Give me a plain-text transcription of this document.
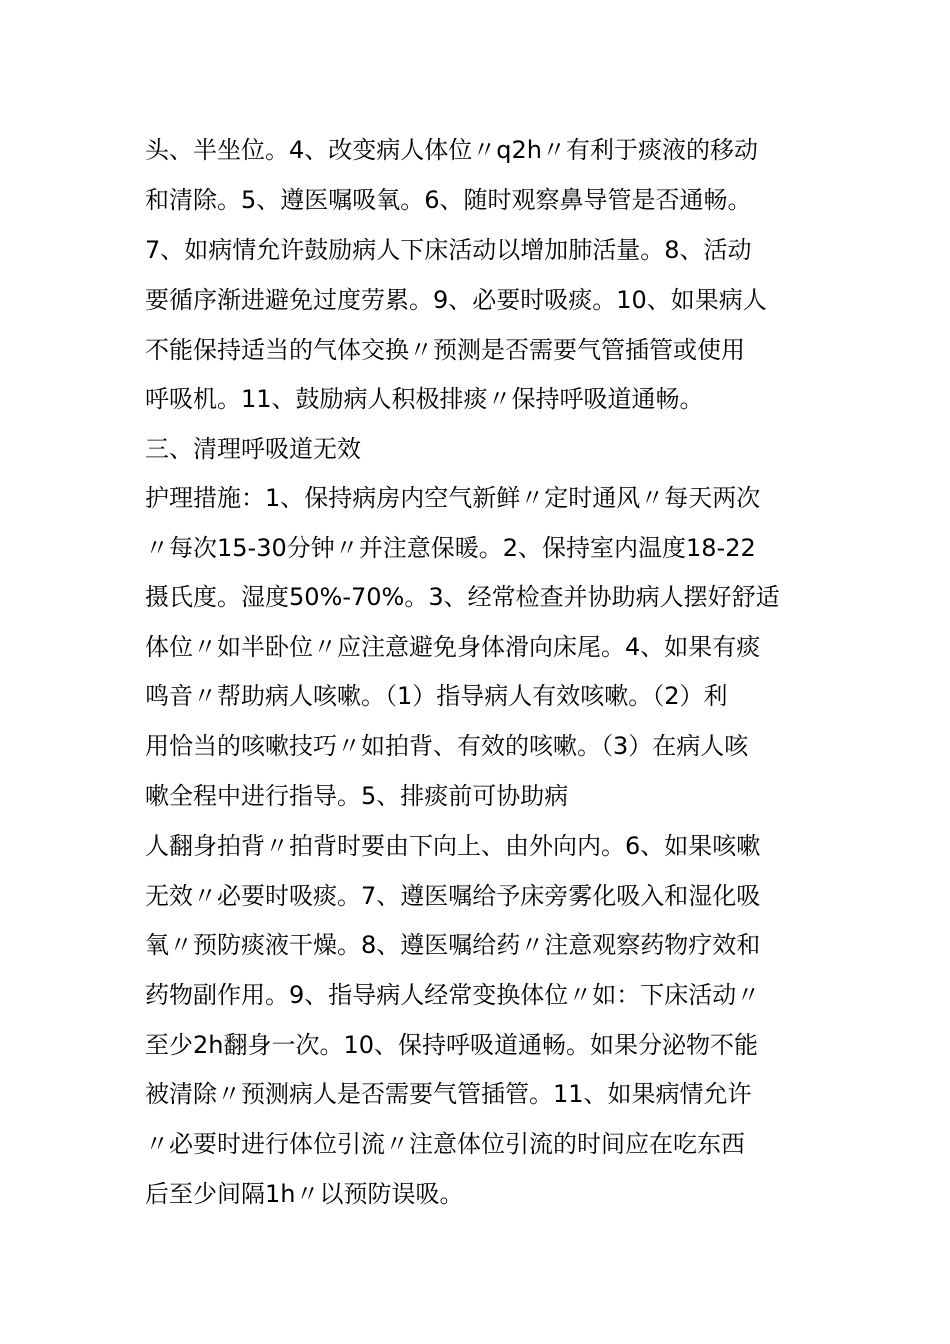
头、半坐位。4、改变病人体位〃q2h〃有利于痰液的移动
和清除。5、遵医嘱吸氧。6、随时观察鼻导管是否通畅。
7、如病情允许鼓励病人下床活动以增加肺活量。8、活动
要循序渐进避免过度劳累。9、必要时吸痰。10、如果病人
不能保持适当的气体交换〃预测是否需要气管插管或使用
呼吸机。11、鼓励病人积极排痰〃保持呼吸道通畅。
三、清理呼吸道无效
护理措施：1、保持病房内空气新鲜〃定时通风〃每天两次
〃每次15-30分钟〃并注意保暖。2、保持室内温度18-22
摄氏度。湿度50%-70%。3、经常检查并协助病人摆好舒适
体位〃如半卧位〃应注意避免身体滑向床尾。4、如果有痰
鸣音〃帮助病人咳嗽。（1）指导病人有效咳嗽。（2）利
用恰当的咳嗽技巧〃如拍背、有效的咳嗽。（3）在病人咳
嗽全程中进行指导。5、排痰前可协助病
人翻身拍背〃拍背时要由下向上、由外向内。6、如果咳嗽
无效〃必要时吸痰。7、遵医嘱给予床旁雾化吸入和湿化吸
氧〃预防痰液干燥。8、遵医嘱给药〃注意观察药物疗效和
药物副作用。9、指导病人经常变换体位〃如：下床活动〃
至少2h翻身一次。10、保持呼吸道通畅。如果分泌物不能
被清除〃预测病人是否需要气管插管。11、如果病情允许
〃必要时进行体位引流〃注意体位引流的时间应在吃东西
后至少间隔1h〃以预防误吸。
